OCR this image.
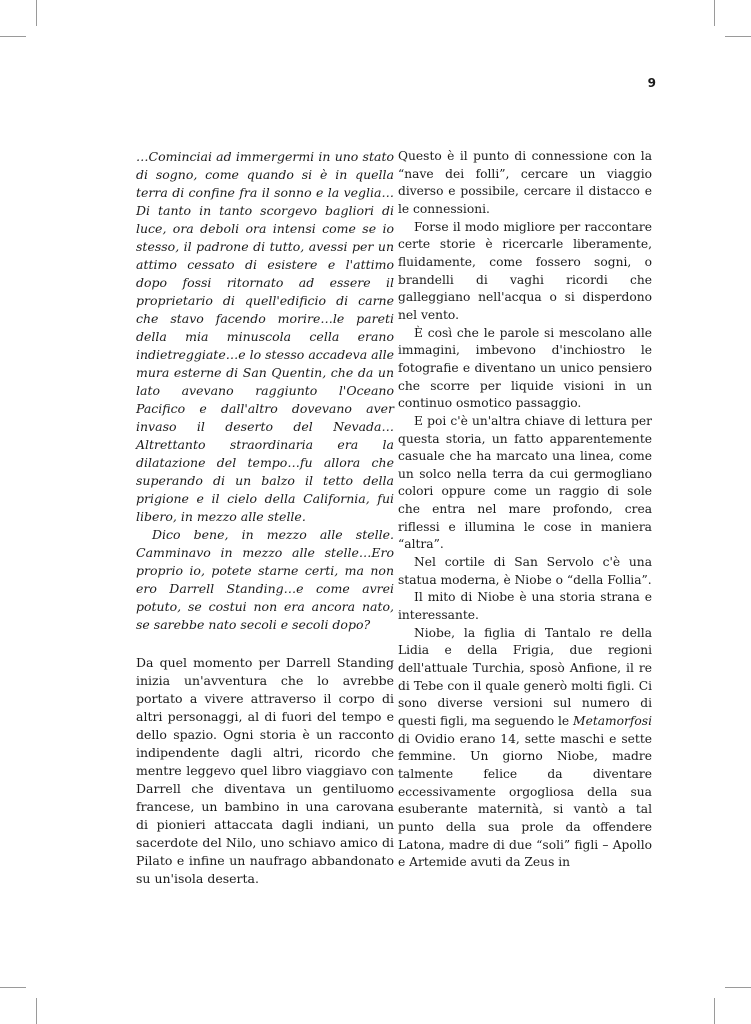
9

…Cominciai ad immergermi in uno stato di sogno, come quando si è in quella terra di confine fra il sonno e la veglia…Di tanto in tanto scorgevo bagliori di luce, ora deboli ora intensi come se io stesso, il padrone di tutto, avessi per un attimo cessato di esistere e l'attimo dopo fossi ritornato ad essere il proprietario di quell'edificio di carne che stavo facendo morire…le pareti della mia minuscola cella erano indietreggiate…e lo stesso accadeva alle mura esterne di San Quentin, che da un lato avevano raggiunto l'Oceano Pacifico e dall'altro dovevano aver invaso il deserto del Nevada…Altrettanto straordinaria era la dilatazione del tempo…fu allora che superando di un balzo il tetto della prigione e il cielo della California, fui libero, in mezzo alle stelle.

Dico bene, in mezzo alle stelle. Camminavo in mezzo alle stelle…Ero proprio io, potete starne certi, ma non ero Darrell Standing…e come avrei potuto, se costui non era ancora nato, se sarebbe nato secoli e secoli dopo?

Da quel momento per Darrell Standing inizia un'avventura che lo avrebbe portato a vivere attraverso il corpo di altri personaggi, al di fuori del tempo e dello spazio. Ogni storia è un racconto indipendente dagli altri, ricordo che mentre leggevo quel libro viaggiavo con Darrell che diventava un gentiluomo francese, un bambino in una carovana di pionieri attaccata dagli indiani, un sacerdote del Nilo, uno schiavo amico di Pilato e infine un naufrago abbandonato su un'isola deserta.

Questo è il punto di connessione con la “nave dei folli”, cercare un viaggio diverso e possibile, cercare il distacco e le connessioni.

Forse il modo migliore per raccontare certe storie è ricercarle liberamente, fluidamente, come fossero sogni, o brandelli di vaghi ricordi che galleggiano nell'acqua o si disperdono nel vento.

È così che le parole si mescolano alle immagini, imbevono d'inchiostro le fotografie e diventano un unico pensiero che scorre per liquide visioni in un continuo osmotico passaggio.

E poi c'è un'altra chiave di lettura per questa storia, un fatto apparentemente casuale che ha marcato una linea, come un solco nella terra da cui germogliano colori oppure come un raggio di sole che entra nel mare profondo, crea riflessi e illumina le cose in maniera “altra”.

Nel cortile di San Servolo c'è una statua moderna, è Niobe o “della Follia”.

Il mito di Niobe è una storia strana e interessante.

Niobe, la figlia di Tantalo re della Lidia e della Frigia, due regioni dell'attuale Turchia, sposò Anfione, il re di Tebe con il quale generò molti figli. Ci sono diverse versioni sul numero di questi figli, ma seguendo le Metamorfosi di Ovidio erano 14, sette maschi e sette femmine. Un giorno Niobe, madre talmente felice da diventare eccessivamente orgogliosa della sua esuberante maternità, si vantò a tal punto della sua prole da offendere Latona, madre di due “soli” figli – Apollo e Artemide avuti da Zeus in
